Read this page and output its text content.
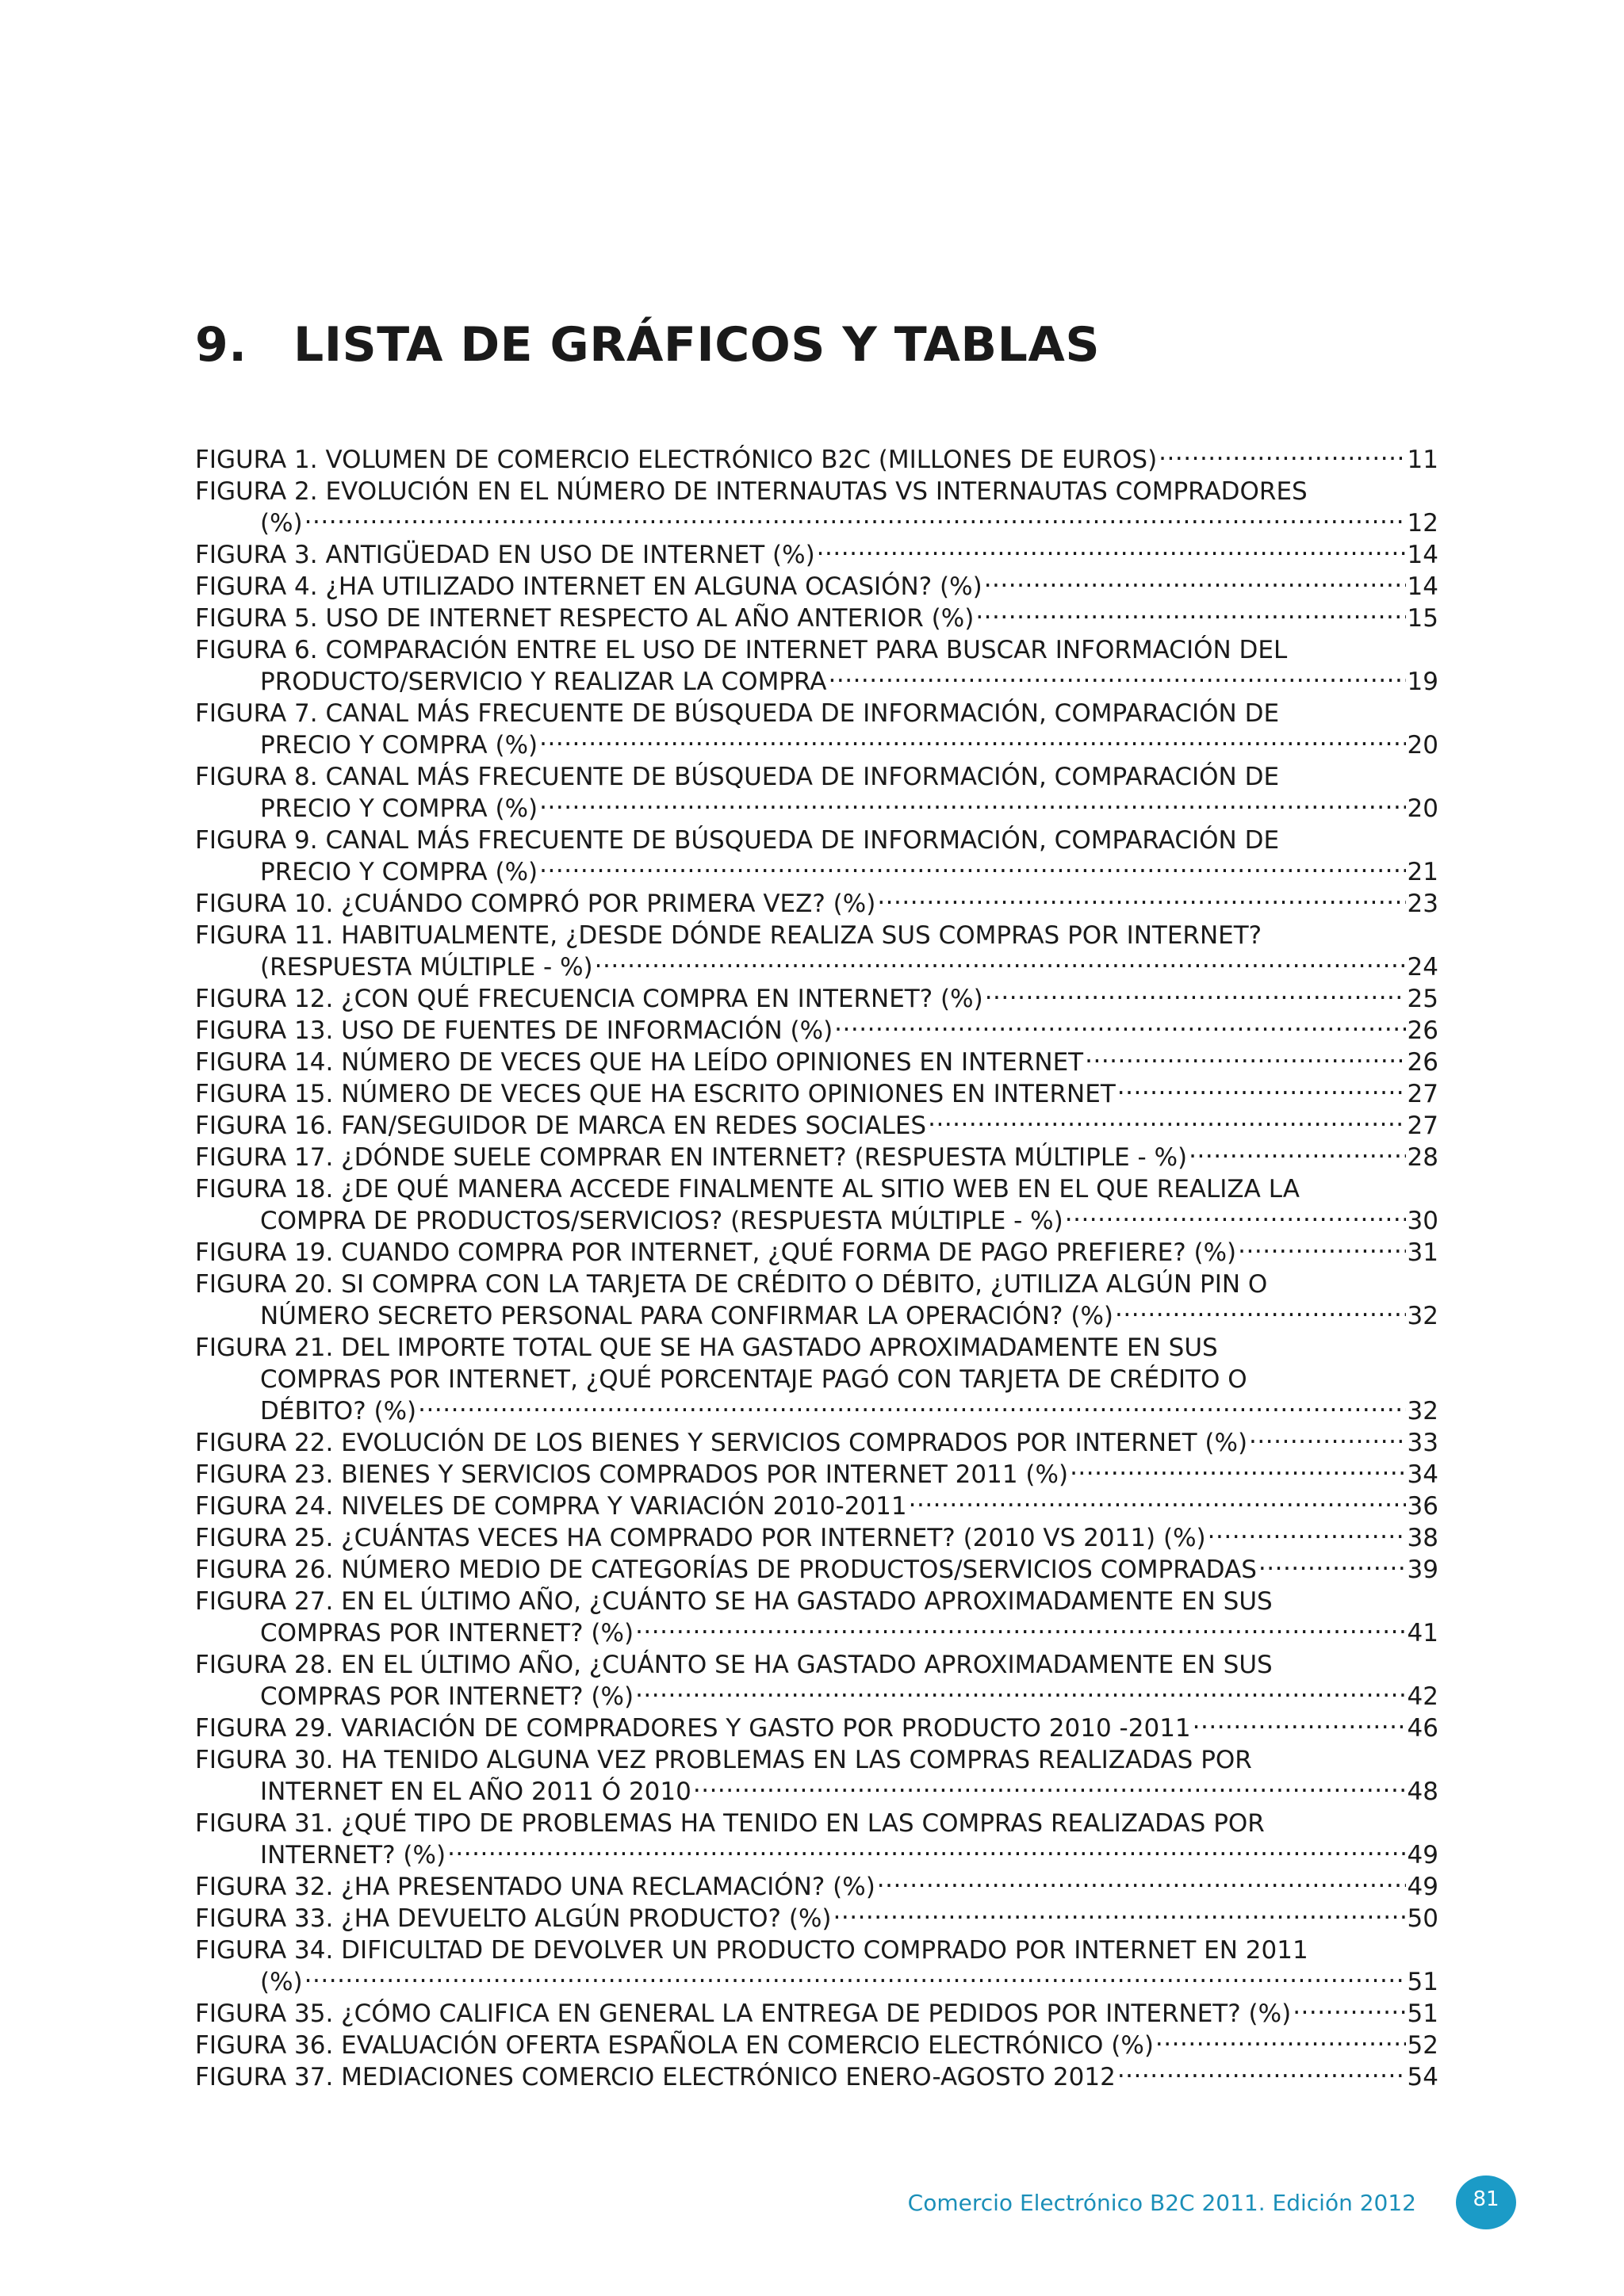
9. LISTA DE GRÁFICOS Y TABLAS
FIGURA 1. VOLUMEN DE COMERCIO ELECTRÓNICO B2C (MILLONES DE EUROS) .....	11
FIGURA 2. EVOLUCIÓN EN EL NÚMERO DE INTERNAUTAS VS INTERNAUTAS COMPRADORES
(%) .....	12
FIGURA 3. ANTIGÜEDAD EN USO DE INTERNET (%) .....	14
FIGURA 4. ¿HA UTILIZADO INTERNET EN ALGUNA OCASIÓN? (%) .....	14
FIGURA 5. USO DE INTERNET RESPECTO AL AÑO ANTERIOR (%) .....	15
FIGURA 6. COMPARACIÓN ENTRE EL USO DE INTERNET PARA BUSCAR INFORMACIÓN DEL
PRODUCTO/SERVICIO Y REALIZAR LA COMPRA .....	19
FIGURA 7. CANAL MÁS FRECUENTE DE BÚSQUEDA DE INFORMACIÓN, COMPARACIÓN DE
PRECIO Y COMPRA (%) .....	20
FIGURA 8. CANAL MÁS FRECUENTE DE BÚSQUEDA DE INFORMACIÓN, COMPARACIÓN DE
PRECIO Y COMPRA (%) .....	20
FIGURA 9. CANAL MÁS FRECUENTE DE BÚSQUEDA DE INFORMACIÓN, COMPARACIÓN DE
PRECIO Y COMPRA (%) .....	21
FIGURA 10. ¿CUÁNDO COMPRÓ POR PRIMERA VEZ? (%) .....	23
FIGURA 11. HABITUALMENTE, ¿DESDE DÓNDE REALIZA SUS COMPRAS POR INTERNET?
(RESPUESTA MÚLTIPLE - %) .....	24
FIGURA 12. ¿CON QUÉ FRECUENCIA COMPRA EN INTERNET? (%) .....	25
FIGURA 13. USO DE FUENTES DE INFORMACIÓN (%) .....	26
FIGURA 14. NÚMERO DE VECES QUE HA LEÍDO OPINIONES EN INTERNET .....	26
FIGURA 15. NÚMERO DE VECES QUE HA ESCRITO OPINIONES EN INTERNET .....	27
FIGURA 16. FAN/SEGUIDOR DE MARCA EN REDES SOCIALES .....	27
FIGURA 17. ¿DÓNDE SUELE COMPRAR EN INTERNET? (RESPUESTA MÚLTIPLE - %) .....	28
FIGURA 18. ¿DE QUÉ MANERA ACCEDE FINALMENTE AL SITIO WEB EN EL QUE REALIZA LA
COMPRA DE PRODUCTOS/SERVICIOS? (RESPUESTA MÚLTIPLE - %) .....	30
FIGURA 19. CUANDO COMPRA POR INTERNET, ¿QUÉ FORMA DE PAGO PREFIERE? (%) .....	31
FIGURA 20. SI COMPRA CON LA TARJETA DE CRÉDITO O DÉBITO, ¿UTILIZA ALGÚN PIN O
NÚMERO SECRETO PERSONAL PARA CONFIRMAR LA OPERACIÓN? (%) .....	32
FIGURA 21. DEL IMPORTE TOTAL QUE SE HA GASTADO APROXIMADAMENTE EN SUS
COMPRAS POR INTERNET, ¿QUÉ PORCENTAJE PAGÓ CON TARJETA DE CRÉDITO O
DÉBITO? (%) .....	32
FIGURA 22. EVOLUCIÓN DE LOS BIENES Y SERVICIOS COMPRADOS POR INTERNET (%) .....	33
FIGURA 23. BIENES Y SERVICIOS COMPRADOS POR INTERNET 2011 (%) .....	34
FIGURA 24. NIVELES DE COMPRA Y VARIACIÓN 2010-2011 .....	36
FIGURA 25. ¿CUÁNTAS VECES HA COMPRADO POR INTERNET? (2010 VS 2011) (%) .....	38
FIGURA 26. NÚMERO MEDIO DE CATEGORÍAS DE PRODUCTOS/SERVICIOS COMPRADAS .....	39
FIGURA 27. EN EL ÚLTIMO AÑO, ¿CUÁNTO SE HA GASTADO APROXIMADAMENTE EN SUS
COMPRAS POR INTERNET? (%) .....	41
FIGURA 28. EN EL ÚLTIMO AÑO, ¿CUÁNTO SE HA GASTADO APROXIMADAMENTE EN SUS
COMPRAS POR INTERNET? (%) .....	42
FIGURA 29. VARIACIÓN DE COMPRADORES Y GASTO POR PRODUCTO 2010 -2011 .....	46
FIGURA 30. HA TENIDO ALGUNA VEZ PROBLEMAS EN LAS COMPRAS REALIZADAS POR
INTERNET EN EL AÑO 2011 Ó 2010 .....	48
FIGURA 31. ¿QUÉ TIPO DE PROBLEMAS HA TENIDO EN LAS COMPRAS REALIZADAS POR
INTERNET? (%) .....	49
FIGURA 32. ¿HA PRESENTADO UNA RECLAMACIÓN? (%) .....	49
FIGURA 33. ¿HA DEVUELTO ALGÚN PRODUCTO? (%) .....	50
FIGURA 34. DIFICULTAD DE DEVOLVER UN PRODUCTO COMPRADO POR INTERNET EN 2011
(%) .....	51
FIGURA 35. ¿CÓMO CALIFICA EN GENERAL LA ENTREGA DE PEDIDOS POR INTERNET? (%) .....	51
FIGURA 36. EVALUACIÓN OFERTA ESPAÑOLA EN COMERCIO ELECTRÓNICO (%) .....	52
FIGURA 37. MEDIACIONES COMERCIO ELECTRÓNICO ENERO-AGOSTO 2012 .....	54
Comercio Electrónico B2C 2011. Edición 2012	81
